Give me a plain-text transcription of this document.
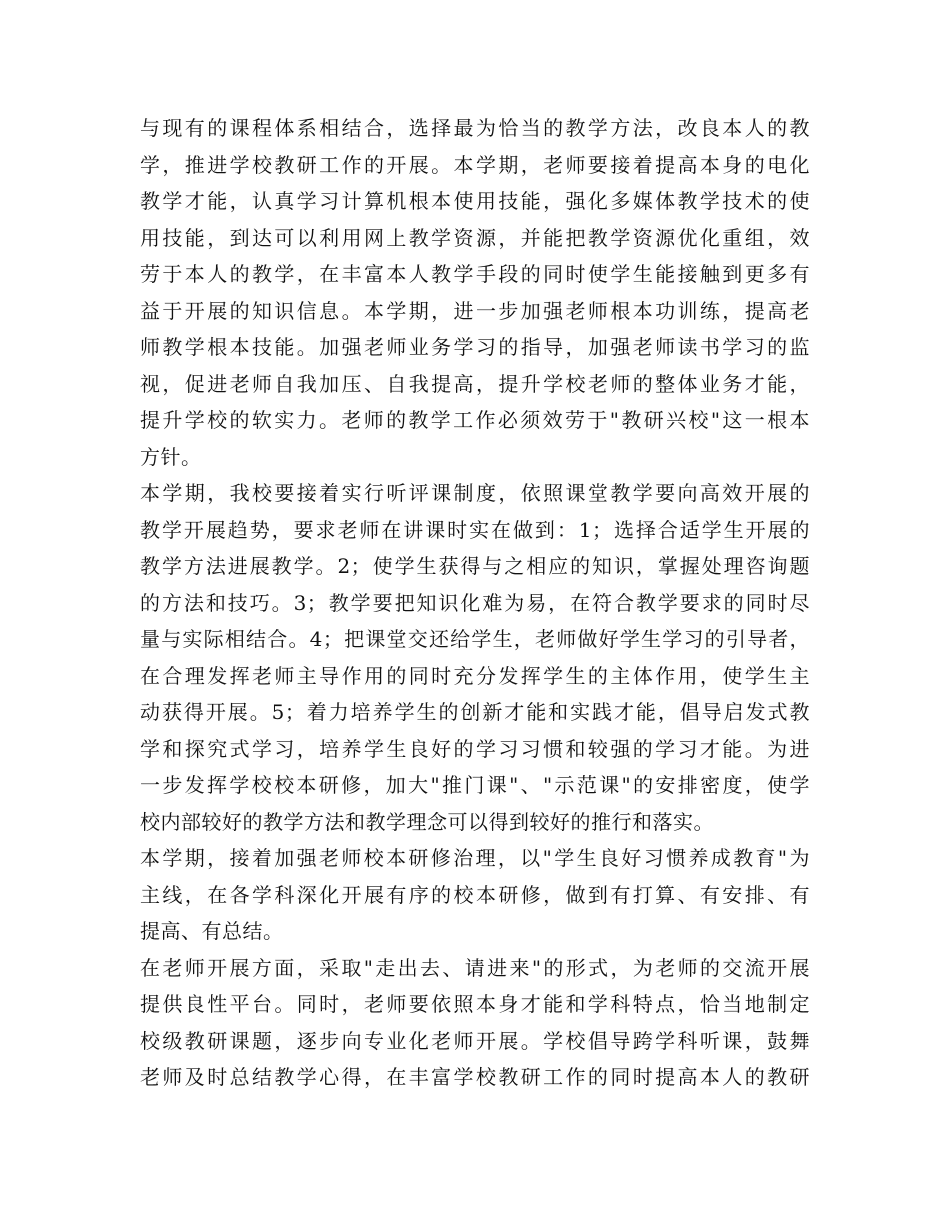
与现有的课程体系相结合，选择最为恰当的教学方法，改良本人的教
学，推进学校教研工作的开展。本学期，老师要接着提高本身的电化
教学才能，认真学习计算机根本使用技能，强化多媒体教学技术的使
用技能，到达可以利用网上教学资源，并能把教学资源优化重组，效
劳于本人的教学，在丰富本人教学手段的同时使学生能接触到更多有
益于开展的知识信息。本学期，进一步加强老师根本功训练，提高老
师教学根本技能。加强老师业务学习的指导，加强老师读书学习的监
视，促进老师自我加压、自我提高，提升学校老师的整体业务才能，
提升学校的软实力。老师的教学工作必须效劳于"教研兴校"这一根本
方针。
本学期，我校要接着实行听评课制度，依照课堂教学要向高效开展的
教学开展趋势，要求老师在讲课时实在做到：1；选择合适学生开展的
教学方法进展教学。2；使学生获得与之相应的知识，掌握处理咨询题
的方法和技巧。3；教学要把知识化难为易，在符合教学要求的同时尽
量与实际相结合。4；把课堂交还给学生，老师做好学生学习的引导者，
在合理发挥老师主导作用的同时充分发挥学生的主体作用，使学生主
动获得开展。5；着力培养学生的创新才能和实践才能，倡导启发式教
学和探究式学习，培养学生良好的学习习惯和较强的学习才能。为进
一步发挥学校校本研修，加大"推门课"、"示范课"的安排密度，使学
校内部较好的教学方法和教学理念可以得到较好的推行和落实。
本学期，接着加强老师校本研修治理，以"学生良好习惯养成教育"为
主线，在各学科深化开展有序的校本研修，做到有打算、有安排、有
提高、有总结。
在老师开展方面，采取"走出去、请进来"的形式，为老师的交流开展
提供良性平台。同时，老师要依照本身才能和学科特点，恰当地制定
校级教研课题，逐步向专业化老师开展。学校倡导跨学科听课，鼓舞
老师及时总结教学心得，在丰富学校教研工作的同时提高本人的教研
